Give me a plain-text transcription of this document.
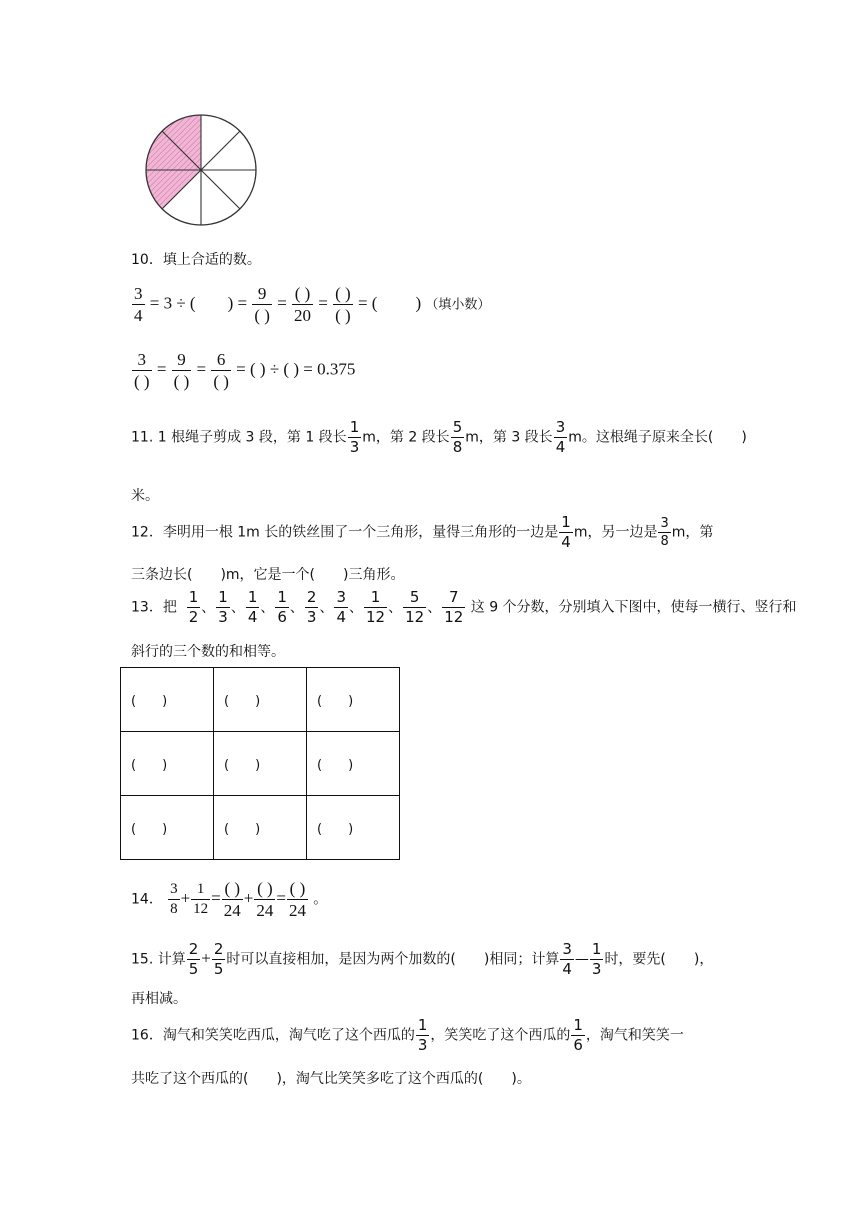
10．填上合适的数。
$\frac{3}{4} = 3$ ÷ ( ) = $\frac{9}{( )} = \frac{( )}{20} = \frac{( )}{( )}$ = ( ) （填小数）
$\frac{3}{( )} = \frac{9}{( )} = \frac{6}{( )}$ = ( ) ÷ ( ) = 0.375
11. 1 根绳子剪成 3 段，第 1 段长 $\frac{1}{3}$ m，第 2 段长 $\frac{5}{8}$ m，第 3 段长 $\frac{3}{4}$ m。这根绳子原来全长(　　)
米。
12．李明用一根 1m 长的铁丝围了一个三角形，量得三角形的一边是 $\frac{1}{4}$ m，另一边是 $\frac{3}{8}$ m，第
三条边长(　　)m，它是一个(　　)三角形。
13．把 $\frac{1}{2}$ 、 $\frac{1}{3}$ 、 $\frac{1}{4}$ 、 $\frac{1}{6}$ 、 $\frac{2}{3}$ 、 $\frac{3}{4}$ 、 $\frac{1}{12}$ 、 $\frac{5}{12}$ 、 $\frac{7}{12}$ 这 9 个分数，分别填入下图中，使每一横行、竖行和
斜行的三个数的和相等。
(　　)	(　　)	(　　)
(　　)	(　　)	(　　)
(　　)	(　　)	(　　)
14． $\frac{3}{8} + \frac{1}{12} = \frac{( )}{24} + \frac{( )}{24} = \frac{( )}{24}$ 。
15. 计算 $\frac{2}{5} + \frac{2}{5}$ 时可以直接相加，是因为两个加数的(　　)相同；计算 $\frac{3}{4}$ — $\frac{1}{3}$ 时，要先(　　)，
再相减。
16．淘气和笑笑吃西瓜，淘气吃了这个西瓜的 $\frac{1}{3}$ ，笑笑吃了这个西瓜的 $\frac{1}{6}$ ，淘气和笑笑一
共吃了这个西瓜的(　　)，淘气比笑笑多吃了这个西瓜的(　　)。
